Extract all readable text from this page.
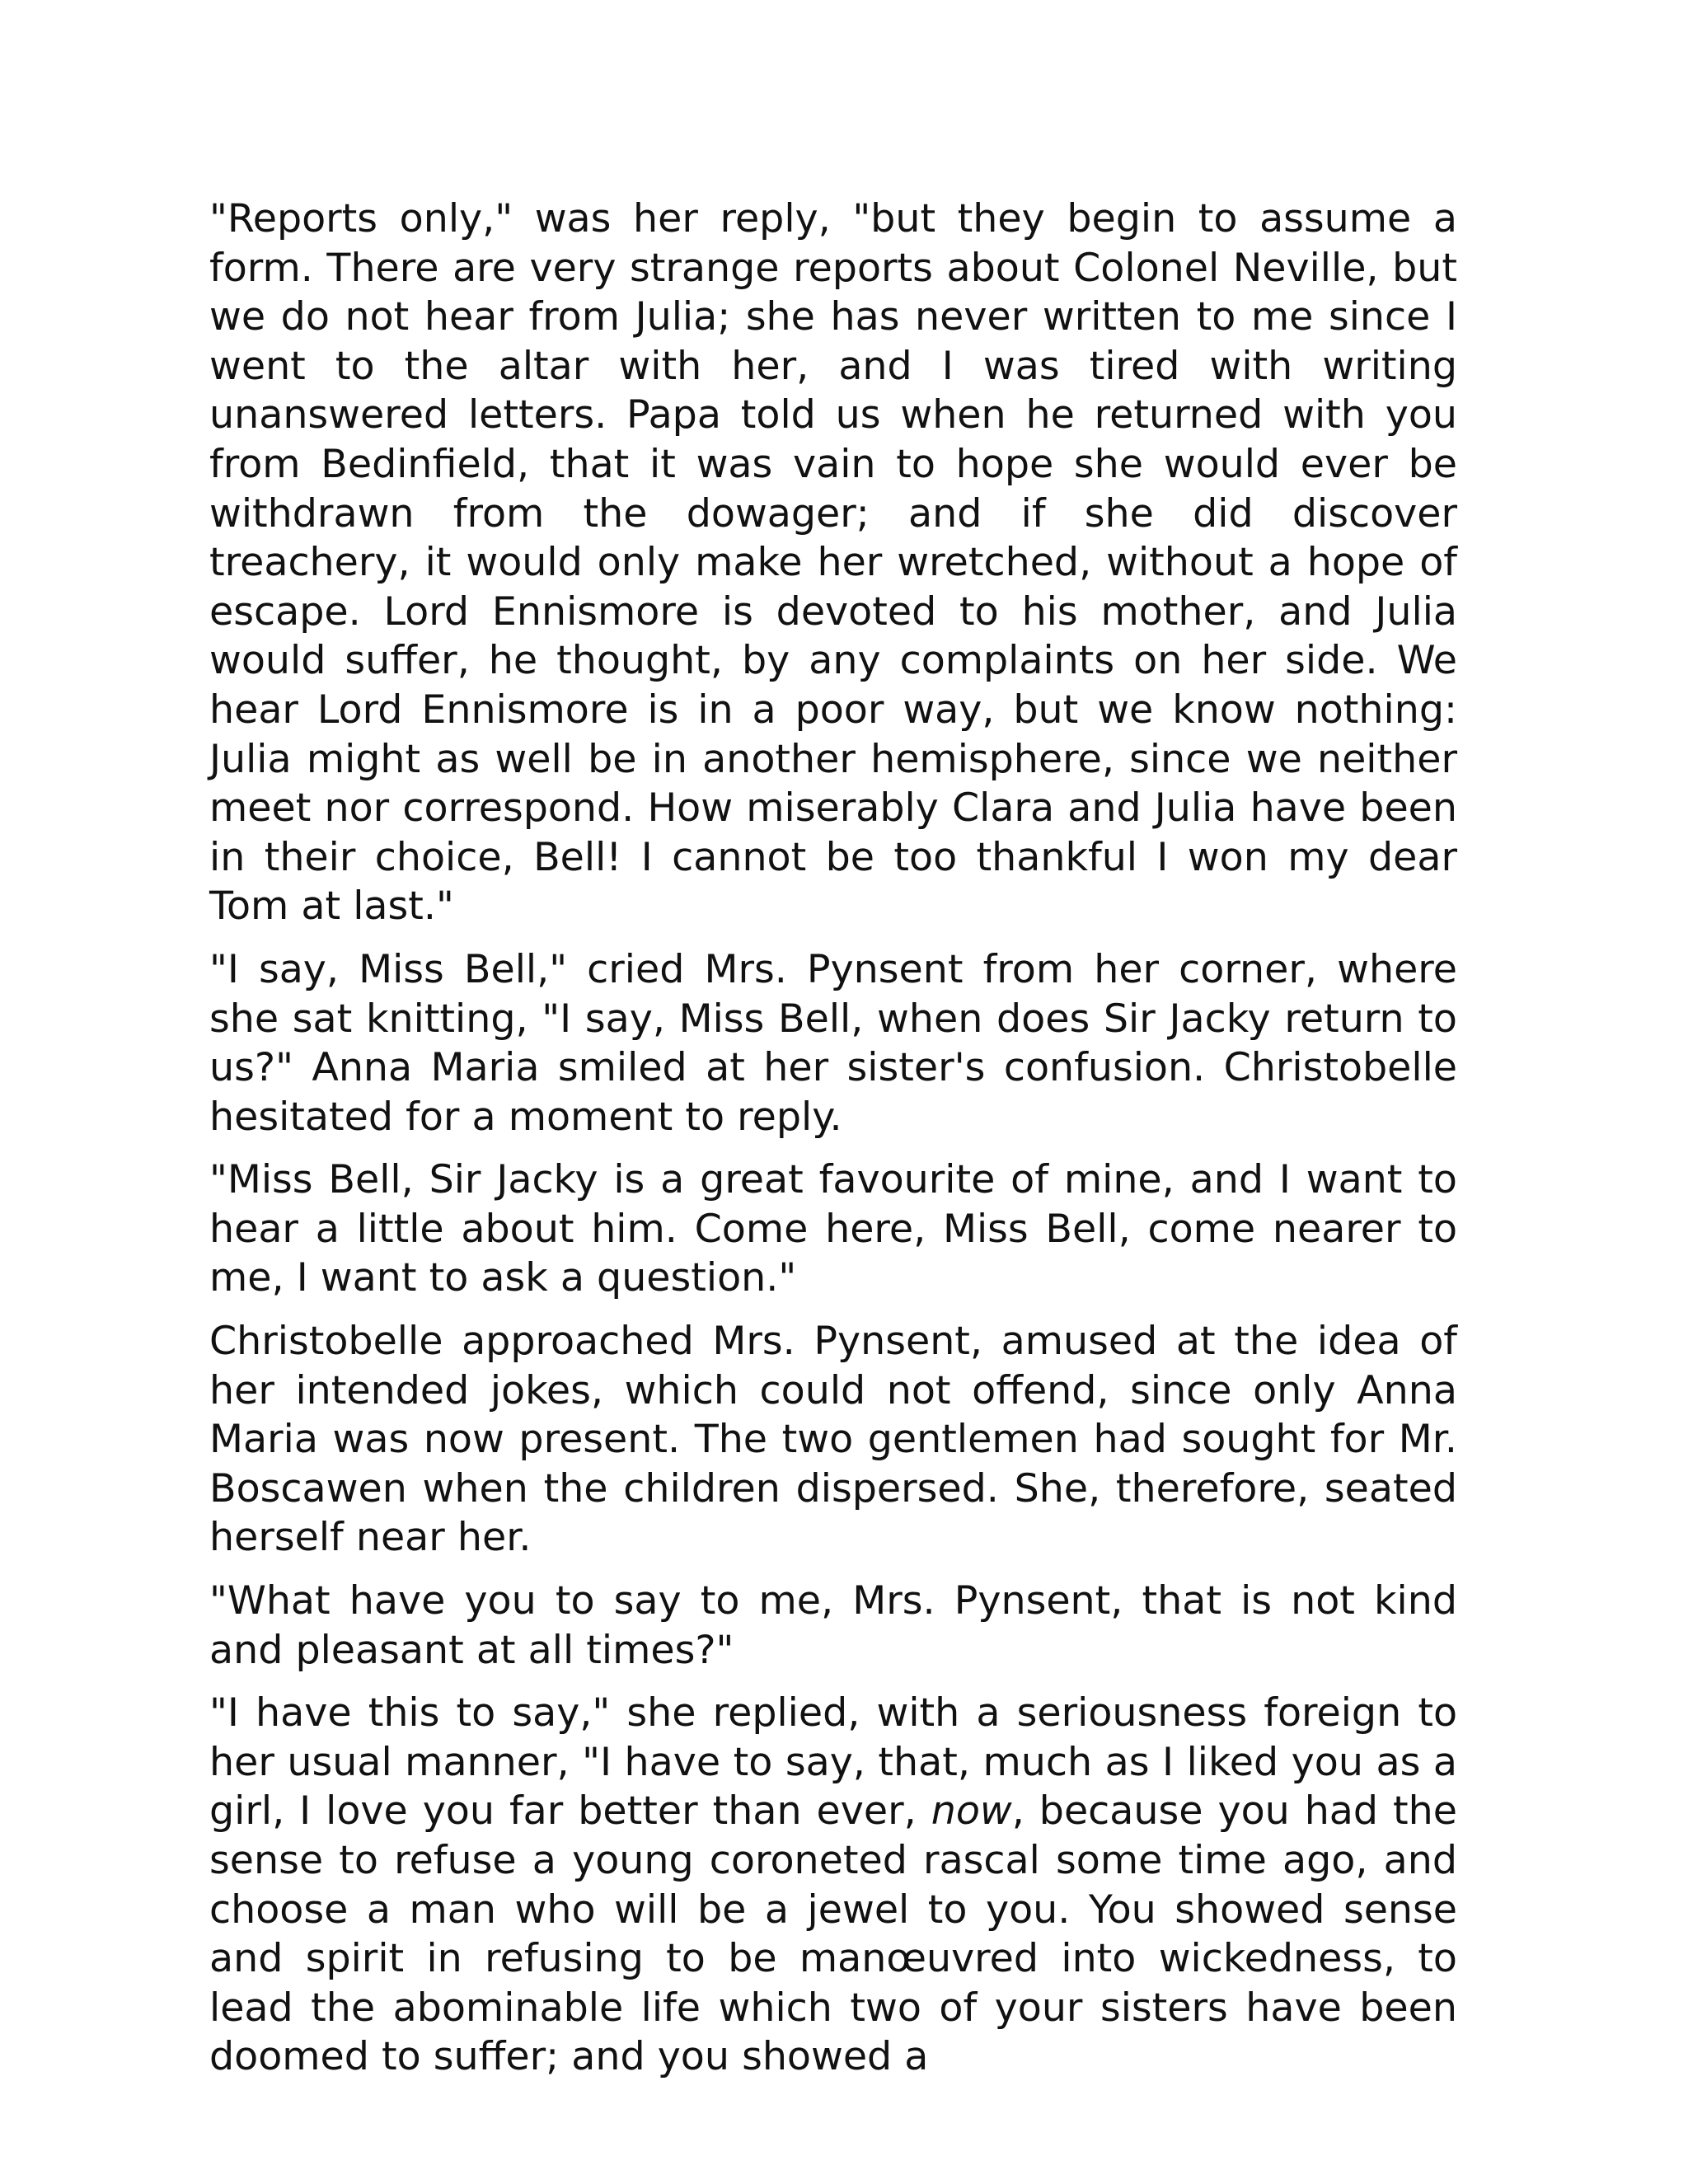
"Reports only," was her reply, "but they begin to assume a form. There are very strange reports about Colonel Neville, but we do not hear from Julia; she has never written to me since I went to the altar with her, and I was tired with writing unanswered letters. Papa told us when he returned with you from Bedinfield, that it was vain to hope she would ever be withdrawn from the dowager; and if she did discover treachery, it would only make her wretched, without a hope of escape. Lord Ennismore is devoted to his mother, and Julia would suffer, he thought, by any complaints on her side. We hear Lord Ennismore is in a poor way, but we know nothing: Julia might as well be in another hemisphere, since we neither meet nor correspond. How miserably Clara and Julia have been in their choice, Bell! I cannot be too thankful I won my dear Tom at last."

"I say, Miss Bell," cried Mrs. Pynsent from her corner, where she sat knitting, "I say, Miss Bell, when does Sir Jacky return to us?" Anna Maria smiled at her sister's confusion. Christobelle hesitated for a moment to reply.

"Miss Bell, Sir Jacky is a great favourite of mine, and I want to hear a little about him. Come here, Miss Bell, come nearer to me, I want to ask a question."

Christobelle approached Mrs. Pynsent, amused at the idea of her intended jokes, which could not offend, since only Anna Maria was now present. The two gentlemen had sought for Mr. Boscawen when the children dispersed. She, therefore, seated herself near her.

"What have you to say to me, Mrs. Pynsent, that is not kind and pleasant at all times?"

"I have this to say," she replied, with a seriousness foreign to her usual manner, "I have to say, that, much as I liked you as a girl, I love you far better than ever, now, because you had the sense to refuse a young coroneted rascal some time ago, and choose a man who will be a jewel to you. You showed sense and spirit in refusing to be manœuvred into wickedness, to lead the abominable life which two of your sisters have been doomed to suffer; and you showed a
